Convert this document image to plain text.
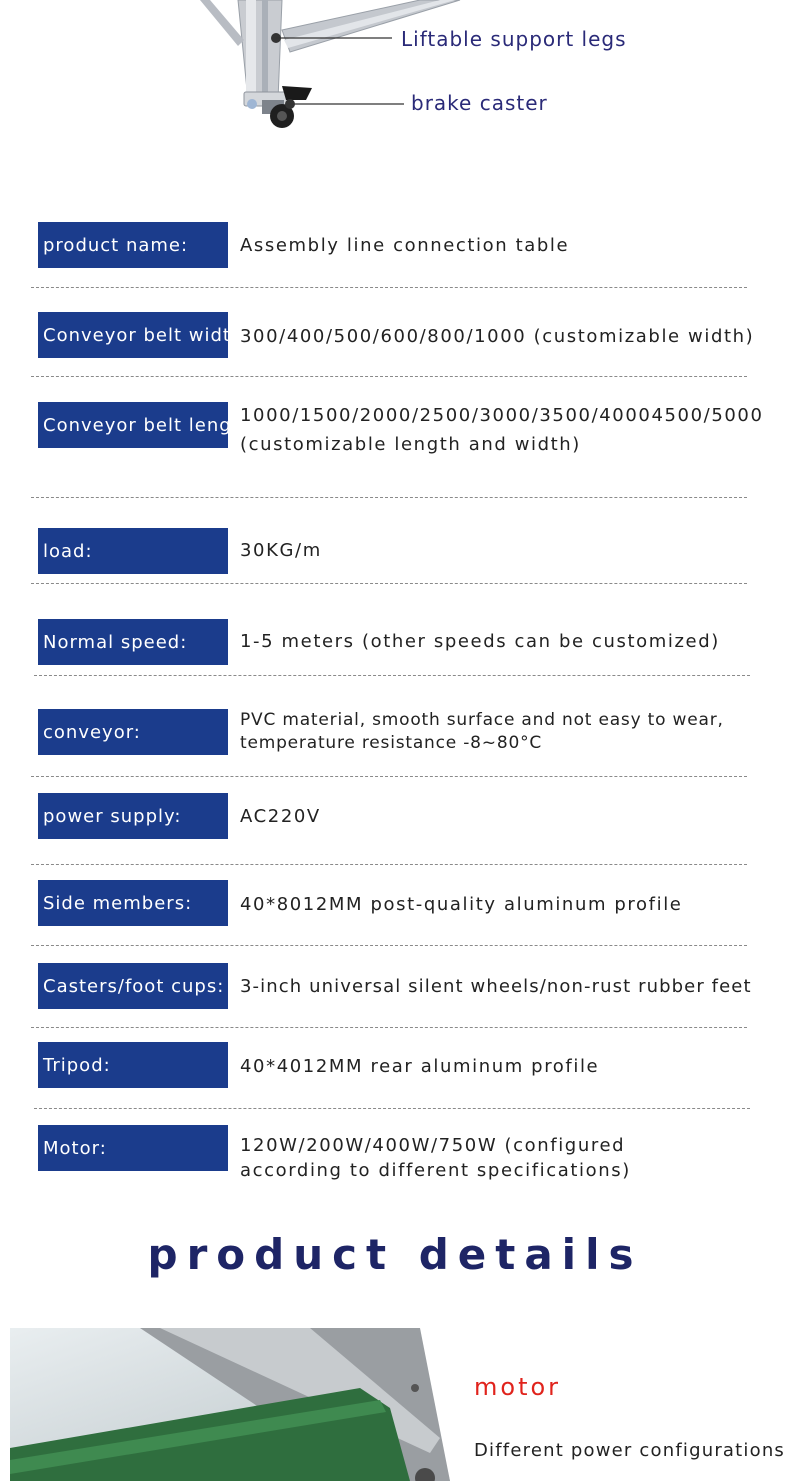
Liftable support legs
brake caster
product name:	Assembly line connection table
Conveyor belt width:
300/400/500/600/800/1000 (customizable width)
Conveyor belt length:
1000/1500/2000/2500/3000/3500/40004500/5000 (customizable length and width)
load:	30KG/m
Normal speed:	1-5 meters (other speeds can be customized)
conveyor:
PVC material, smooth surface and not easy to wear, temperature resistance -8~80°C
power supply:	AC220V
Side members:	40*8012MM post-quality aluminum profile
Casters/foot cups: 3-inch universal silent wheels/non-rust rubber feet
Tripod:	40*4012MM rear aluminum profile
Motor:	120W/200W/400W/750W (configured according to different specifications)
product details
motor
Different power configurations
